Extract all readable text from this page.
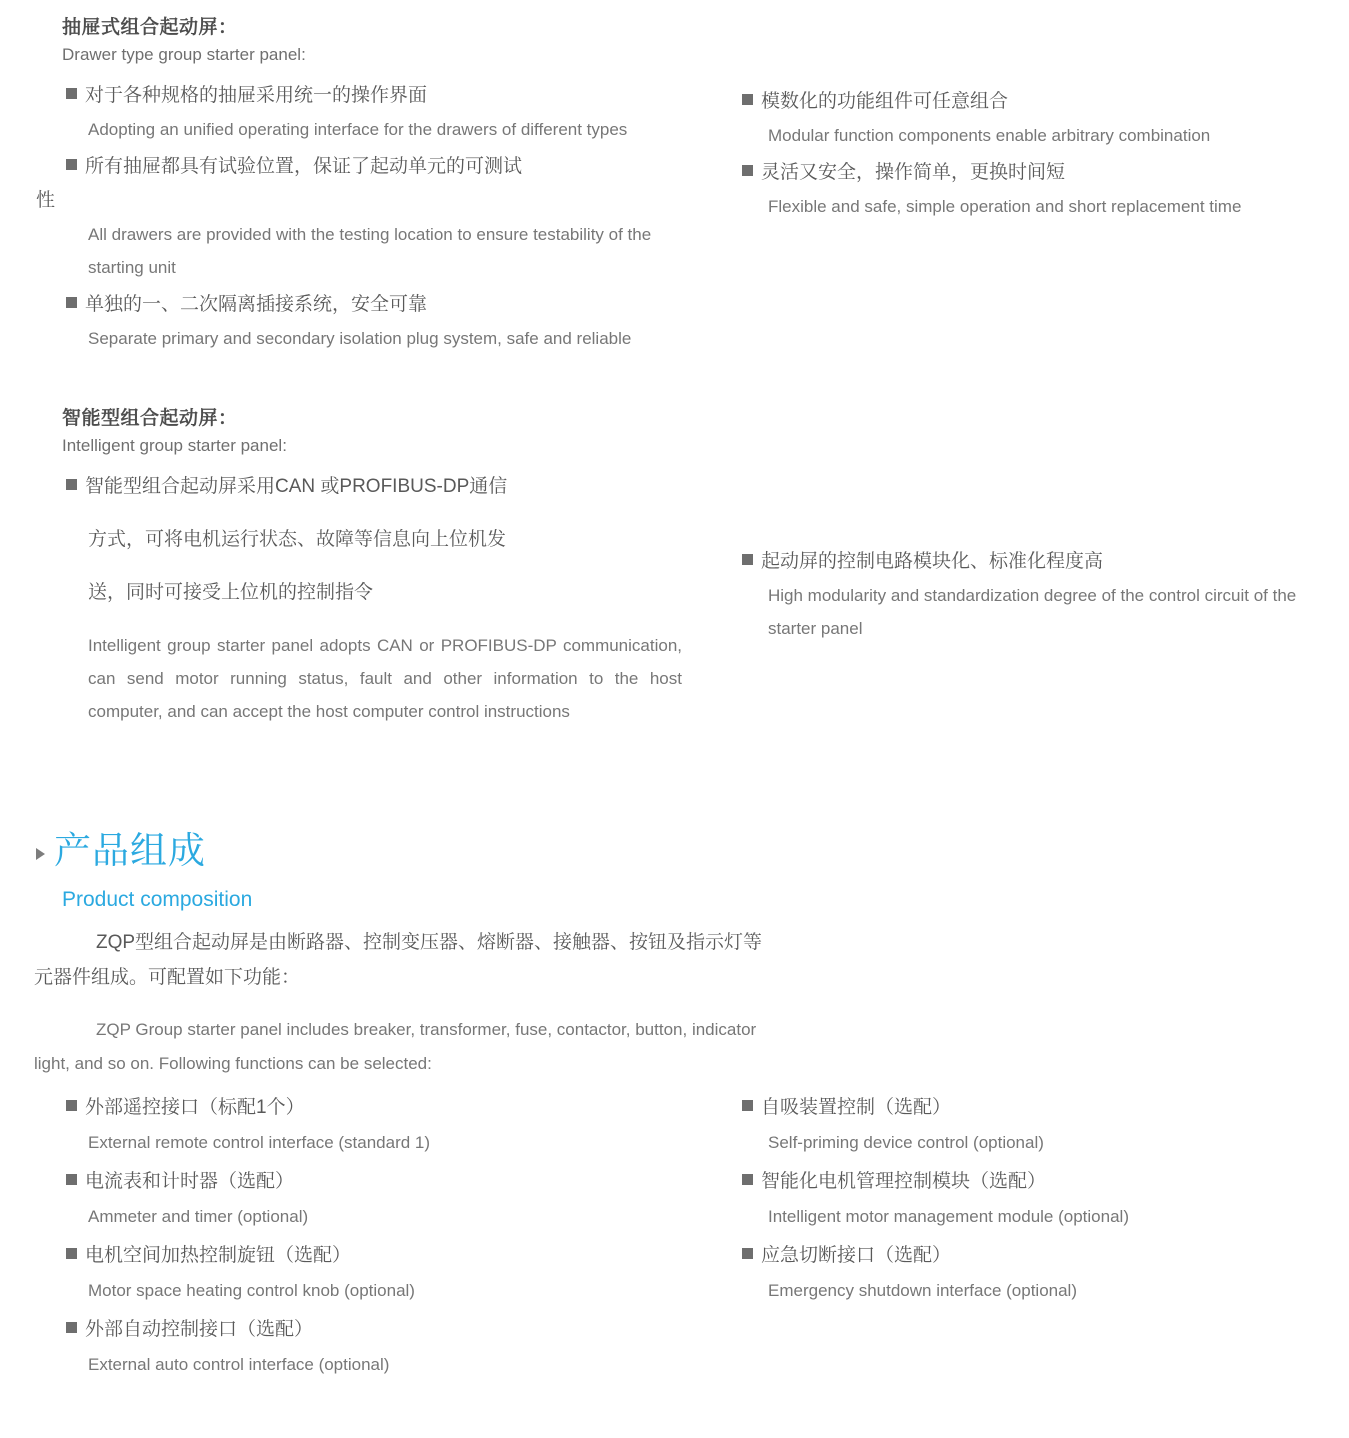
抽屉式组合起动屏：
Drawer type group starter panel:

对于各种规格的抽屉采用统一的操作界面

Adopting an unified operating interface for the drawers of different types

所有抽屉都具有试验位置，保证了起动单元的可测试

性

All drawers are provided with the testing location to ensure testability of the starting unit

单独的一、二次隔离插接系统，安全可靠

Separate primary and secondary isolation plug system, safe and reliable

智能型组合起动屏：
Intelligent group starter panel:

智能型组合起动屏采用CAN 或PROFIBUS-DP通信

方式，可将电机运行状态、故障等信息向上位机发

送，同时可接受上位机的控制指令

Intelligent group starter panel adopts CAN or PROFIBUS-DP communication, can send motor running status, fault and other information to the host computer, and can accept the host computer control instructions

模数化的功能组件可任意组合

Modular function components enable arbitrary combination

灵活又安全，操作简单，更换时间短

Flexible and safe, simple operation and short replacement time

起动屏的控制电路模块化、标准化程度高

High modularity and standardization degree of the control circuit of the starter panel

产品组成
Product composition
ZQP型组合起动屏是由断路器、控制变压器、熔断器、接触器、按钮及指示灯等
元器件组成。可配置如下功能：
ZQP Group starter panel includes breaker, transformer, fuse, contactor, button, indicator
light, and so on. Following functions can be selected:

外部遥控接口（标配1个）

External remote control interface (standard 1)

电流表和计时器（选配）

Ammeter and timer (optional)

电机空间加热控制旋钮（选配）

Motor space heating control knob (optional)

外部自动控制接口（选配）

External auto control interface (optional)

自吸装置控制（选配）

Self-priming device control (optional)

智能化电机管理控制模块（选配）

Intelligent motor management module (optional)

应急切断接口（选配）

Emergency shutdown interface (optional)
